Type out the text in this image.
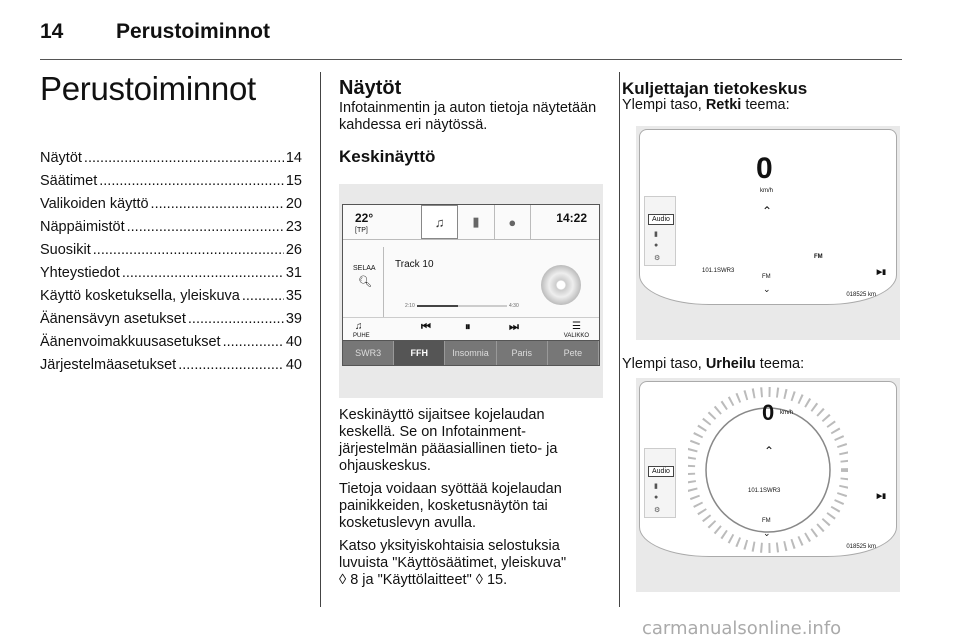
14	Perustoiminnot
Perustoiminnot
Näytöt .....	14
Säätimet .....	15
Valikoiden käyttö .....	20
Näppäimistöt .....	23
Suosikit .....	26
Yhteystiedot .....	31
Käyttö kosketuksella, yleiskuva .....	35
Äänensävyn asetukset .....	39
Äänenvoimakkuusasetukset .....	40
Järjestelmäasetukset .....	40
Näytöt

Infotainmentin ja auton tietoja näytetään kahdessa eri näytössä.

Keskinäyttö
22°
[TP]
♫	▮	●	14:22
SELAA
🔍︎
Track 10
2:10	4:30
♫
PUHE
⏮	⏸	⏭	☰
VALIKKO
SWR3	FFH	Insomnia	Paris	Pete

Keskinäyttö sijaitsee kojelaudan keskellä. Se on Infotainment-järjestelmän pääasiallinen tieto- ja ohjauskeskus.

Tietoja voidaan syöttää kojelaudan painikkeiden, kosketusnäytön tai kosketuslevyn avulla.

Katso yksityiskohtaisia selostuksia luvuista "Käyttösäätimet, yleiskuva"
◊ 8 ja "Käyttölaitteet" ◊ 15.

Kuljettajan tietokeskus

Ylempi taso, Retki teema:

0
km/h
⌃
Audio
▮
●
⚙
101.1SWR3
FM
▶▮
FM
⌄
018525 km

Ylempi taso, Urheilu teema:

0 km/h
⌃
Audio
▮
●
⚙
101.1SWR3
▶▮
FM
⌄
018525 km
carmanualsonline.info
